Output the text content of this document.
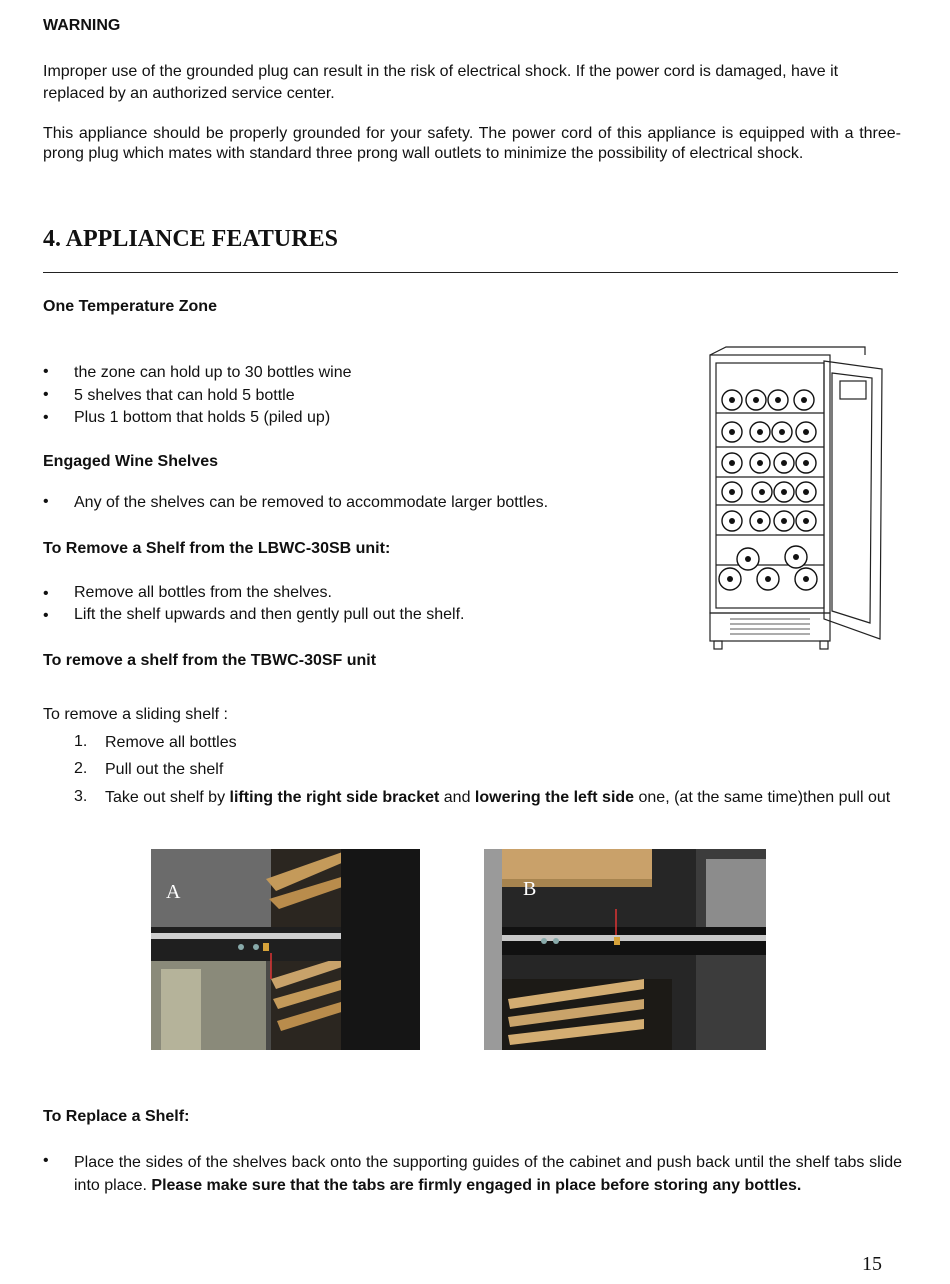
WARNING
Improper use of the grounded plug can result in the risk of electrical shock. If the power cord is damaged, have it replaced by an authorized service center.
This appliance should be properly grounded for your safety. The power cord of this appliance is equipped with a three-prong plug which mates with standard three prong wall outlets to minimize the possibility of electrical shock.
4. APPLIANCE FEATURES
One Temperature Zone
• the zone can hold up to 30 bottles wine
• 5 shelves that can hold 5 bottle
• Plus 1 bottom that holds 5 (piled up)
Engaged Wine Shelves
• Any of the shelves can be removed to accommodate larger bottles.
To Remove a Shelf from the LBWC-30SB unit:
• Remove all bottles from the shelves.
• Lift the shelf upwards and then gently pull out the shelf.
To remove a shelf from the TBWC-30SF unit
To remove a sliding shelf :
1. Remove all bottles
2. Pull out the shelf
3. Take out shelf by lifting the right side bracket and lowering the left side one, (at the same time)then pull out
A	B
To Replace a Shelf:
• Place the sides of the shelves back onto the supporting guides of the cabinet and push back until the shelf tabs slide into place. Please make sure that the tabs are firmly engaged in place before storing any bottles.
15
